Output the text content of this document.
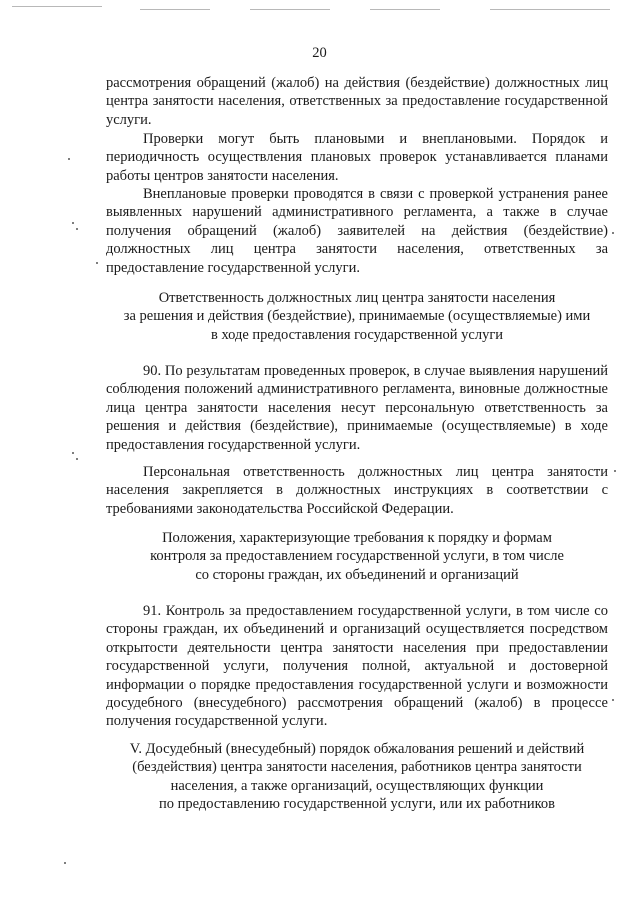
20

рассмотрения обращений (жалоб) на действия (бездействие) должностных лиц центра занятости населения, ответственных за предоставление государственной услуги.

Проверки могут быть плановыми и внеплановыми. Порядок и периодичность осуществления плановых проверок устанавливается планами работы центров занятости населения.

Внеплановые проверки проводятся в связи с проверкой устранения ранее выявленных нарушений административного регламента, а также в случае получения обращений (жалоб) заявителей на действия (бездействие) должностных лиц центра занятости населения, ответственных за предоставление государственной услуги.

Ответственность должностных лиц центра занятости населения
за решения и действия (бездействие), принимаемые (осуществляемые) ими
в ходе предоставления государственной услуги

90. По результатам проведенных проверок, в случае выявления нарушений соблюдения положений административного регламента, виновные должностные лица центра занятости населения несут персональную ответственность за решения и действия (бездействие), принимаемые (осуществляемые) в ходе предоставления государственной услуги.

Персональная ответственность должностных лиц центра занятости населения закрепляется в должностных инструкциях в соответствии с требованиями законодательства Российской Федерации.

Положения, характеризующие требования к порядку и формам
контроля за предоставлением государственной услуги, в том числе
со стороны граждан, их объединений и организаций

91. Контроль за предоставлением государственной услуги, в том числе со стороны граждан, их объединений и организаций осуществляется посредством открытости деятельности центра занятости населения при предоставлении государственной услуги, получения полной, актуальной и достоверной информации о порядке предоставления государственной услуги и возможности досудебного (внесудебного) рассмотрения обращений (жалоб) в процессе получения государственной услуги.

V. Досудебный (внесудебный) порядок обжалования решений и действий
(бездействия) центра занятости населения, работников центра занятости
населения, а также организаций, осуществляющих функции
по предоставлению государственной услуги, или их работников
